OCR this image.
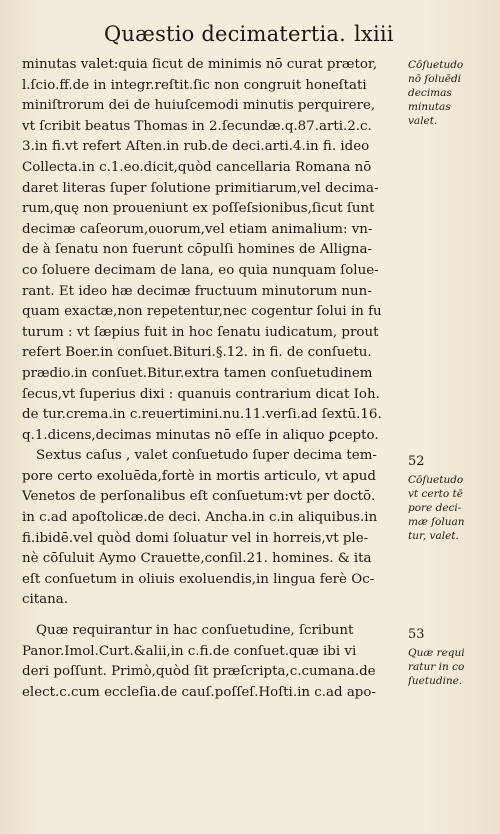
Quæstio decimatertia. lxiii
minutas valet:quia ſicut de minimis nō curat prætor,
l.ſcio.ff.de in integr.reſtit.ſic non congruit honeſtati
miniſtrorum dei de huiuſcemodi minutis perquirere,
vt ſcribit beatus Thomas in 2.ſecundæ.q.87.arti.2.c.
3.in fi.vt refert Aſten.in rub.de deci.arti.4.in fi. ideo
Collecta.in c.1.eo.dicit,quòd cancellaria Romana nō
daret literas ſuper ſolutione primitiarum,vel decima-
rum,quę non proueniunt ex poſſeſsionibus,ſicut ſunt
decimæ caſeorum,ouorum,vel etiam animalium: vn-
de à ſenatu non fuerunt cōpulſi homines de Alligna-
co ſoluere decimam de lana, eo quia nunquam ſolue-
rant. Et ideo hæ decimæ fructuum minutorum nun-
quam exactæ,non repetentur,nec cogentur ſolui in fu
turum : vt ſæpius fuit in hoc ſenatu iudicatum, prout
refert Boer.in conſuet.Bituri.§.12. in fi. de conſuetu.
prædio.in conſuet.Bitur.extra tamen conſuetudinem
ſecus,vt ſuperius dixi : quanuis contrarium dicat Ioh.
de tur.crema.in c.reuertimini.nu.11.verſi.ad ſextū.16.
q.1.dicens,decimas minutas nō eſſe in aliquo ꝑcepto.
Sextus caſus , valet conſuetudo ſuper decima tem-
pore certo exoluēda,fortè in mortis articulo, vt apud
Venetos de perſonalibus eſt conſuetum:vt per doctō.
in c.ad apoſtolicæ.de deci. Ancha.in c.in aliquibus.in
fi.ibidē.vel quòd domi ſoluatur vel in horreis,vt ple-
nè cōſuluit Aymo Crauette,conſil.21. homines. & ita
eſt conſuetum in oliuis exoluendis,in lingua ferè Oc-
citana.
Quæ requirantur in hac conſuetudine, ſcribunt
Panor.Imol.Curt.&alii,in c.fi.de conſuet.quæ ibi vi
deri poſſunt. Primò,quòd ſit præſcripta,c.cumana.de
elect.c.cum eccleſia.de cauſ.poſſeſ.Hoſti.in c.ad apo-
Cōſuetudo
nō ſoluēdi
decimas
minutas
valet.
52
Cōſuetudo
vt certo tē
pore deci-
mæ ſoluan
tur, valet.
53
Quæ requi
ratur in co
ſuetudine.
